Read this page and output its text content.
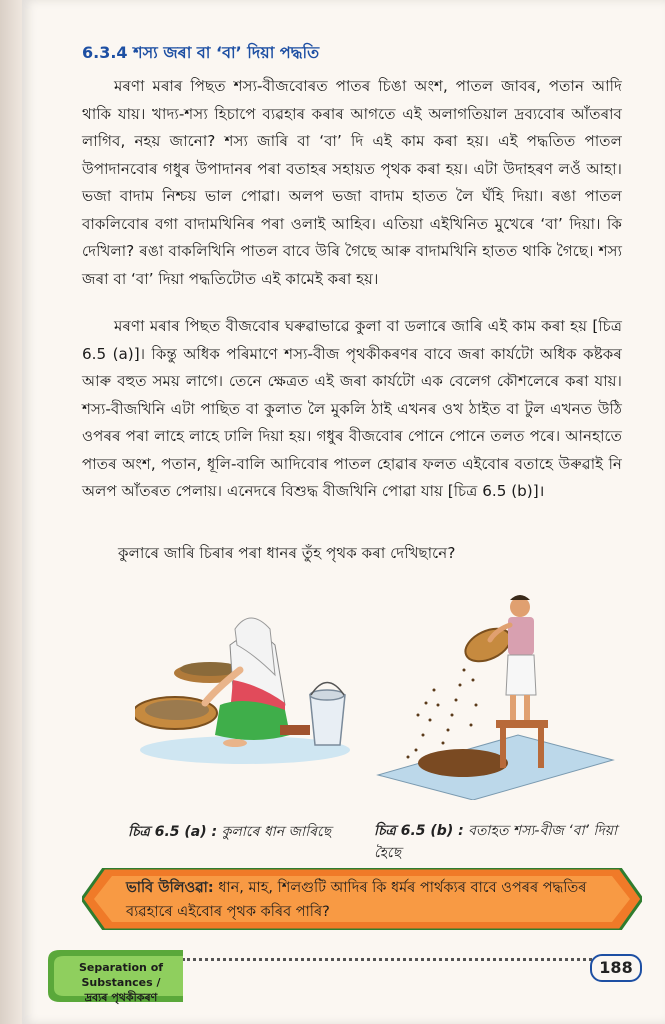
6.3.4 শস্য জৰা বা ‘বা’ দিয়া পদ্ধতি

মৰণা মৰাৰ পিছত শস্য-বীজবোৰত পাতৰ চিঙা অংশ, পাতল জাবৰ, পতান আদি থাকি যায়। খাদ্য-শস্য হিচাপে ব্যৱহাৰ কৰাৰ আগতে এই অলাগতিয়াল দ্ৰব্যবোৰ আঁতৰাব লাগিব, নহয় জানো? শস্য জাৰি বা ‘বা’ দি এই কাম কৰা হয়। এই পদ্ধতিত পাতল উপাদানবোৰ গধুৰ উপাদানৰ পৰা বতাহৰ সহায়ত পৃথক কৰা হয়। এটা উদাহৰণ লওঁ আহা। ভজা বাদাম নিশ্চয় ভাল পোৱা। অলপ ভজা বাদাম হাতত লৈ ঘঁহি দিয়া। ৰঙা পাতল বাকলিবোৰ বগা বাদামখিনিৰ পৰা ওলাই আহিব। এতিয়া এইখিনিত মুখেৰে ‘বা’ দিয়া। কি দেখিলা? ৰঙা বাকলিখিনি পাতল বাবে উৰি গৈছে আৰু বাদামখিনি হাতত থাকি গৈছে। শস্য জৰা বা ‘বা’ দিয়া পদ্ধতিটোত এই কামেই কৰা হয়।

মৰণা মৰাৰ পিছত বীজবোৰ ঘৰুৱাভাৱে কুলা বা ডলাৰে জাৰি এই কাম কৰা হয় [চিত্ৰ 6.5 (a)]। কিন্তু অধিক পৰিমাণে শস্য-বীজ পৃথকীকৰণৰ বাবে জৰা কাৰ্যটো অধিক কষ্টকৰ আৰু বহুত সময় লাগে। তেনে ক্ষেত্ৰত এই জৰা কাৰ্যটো এক বেলেগ কৌশলেৰে কৰা যায়। শস্য-বীজখিনি এটা পাছিত বা কুলাত লৈ মুকলি ঠাই এখনৰ ওখ ঠাইত বা টুল এখনত উঠি ওপৰৰ পৰা লাহে লাহে ঢালি দিয়া হয়। গধুৰ বীজবোৰ পোনে পোনে তলত পৰে। আনহাতে পাতৰ অংশ, পতান, ধূলি-বালি আদিবোৰ পাতল হোৱাৰ ফলত এইবোৰ বতাহে উৰুৱাই নি অলপ আঁতৰত পেলায়। এনেদৰে বিশুদ্ধ বীজখিনি পোৱা যায় [চিত্ৰ 6.5 (b)]।

কুলাৰে জাৰি চিৰাৰ পৰা ধানৰ তুঁহ পৃথক কৰা দেখিছানে?
চিত্ৰ 6.5 (a) : কুলাৰে ধান জাৰিছে	চিত্ৰ 6.5 (b) : বতাহত শস্য-বীজ ‘বা’ দিয়া হৈছে
ভাবি উলিওৱা: ধান, মাহ, শিলগুটি আদিৰ কি ধৰ্মৰ পাৰ্থক্যৰ বাবে ওপৰৰ পদ্ধতিৰ ব্যৱহাৰে এইবোৰ পৃথক কৰিব পাৰি?
Separation of Substances /
দ্ৰব্যৰ পৃথকীকৰণ
188
